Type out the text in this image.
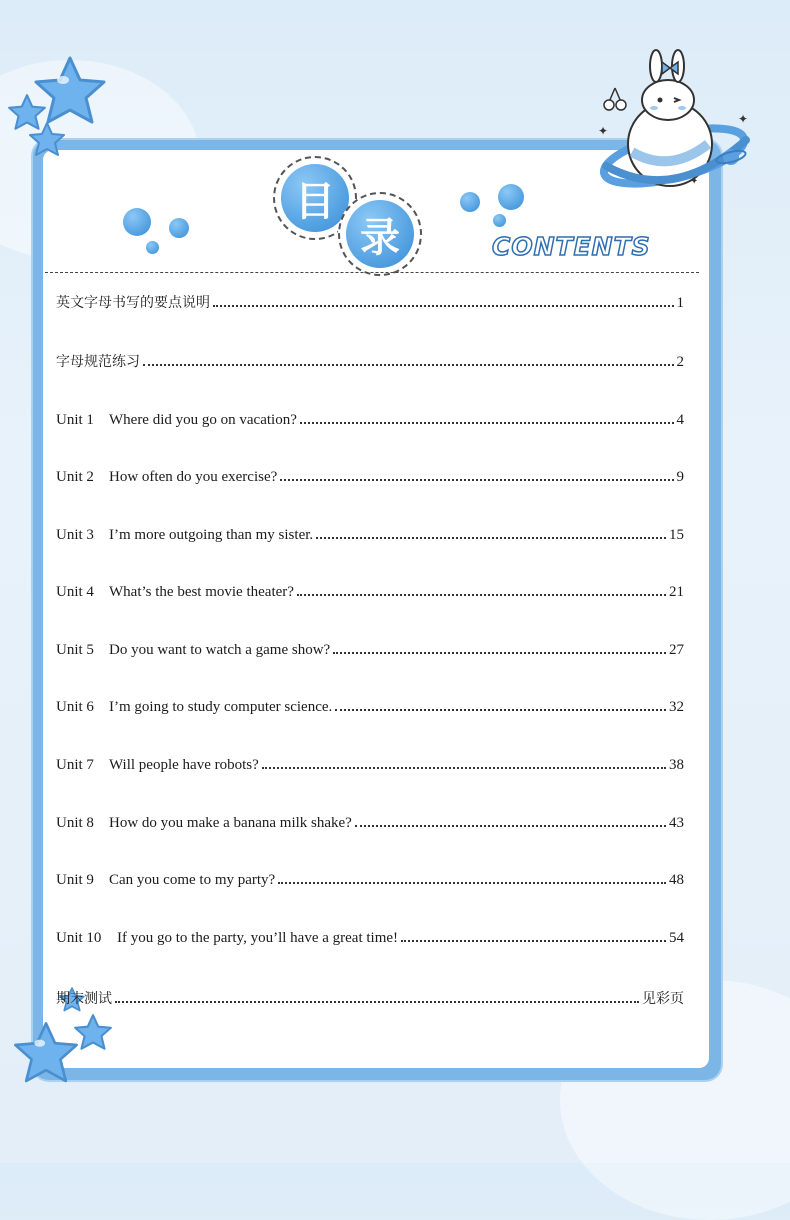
✦
✦
✦
目
录	CONTENTS
英文字母书写的要点说明	1
字母规范练习	2
Unit 1	Where did you go on vacation?	4
Unit 2	How often do you exercise?	9
Unit 3	I’m more outgoing than my sister.	15
Unit 4	What’s the best movie theater?	21
Unit 5	Do you want to watch a game show?	27
Unit 6	I’m going to study computer science.	32
Unit 7	Will people have robots?	38
Unit 8	How do you make a banana milk shake?	43
Unit 9	Can you come to my party?	48
Unit 10	If you go to the party, you’ll have a great time!	54
期末测试	见彩页
